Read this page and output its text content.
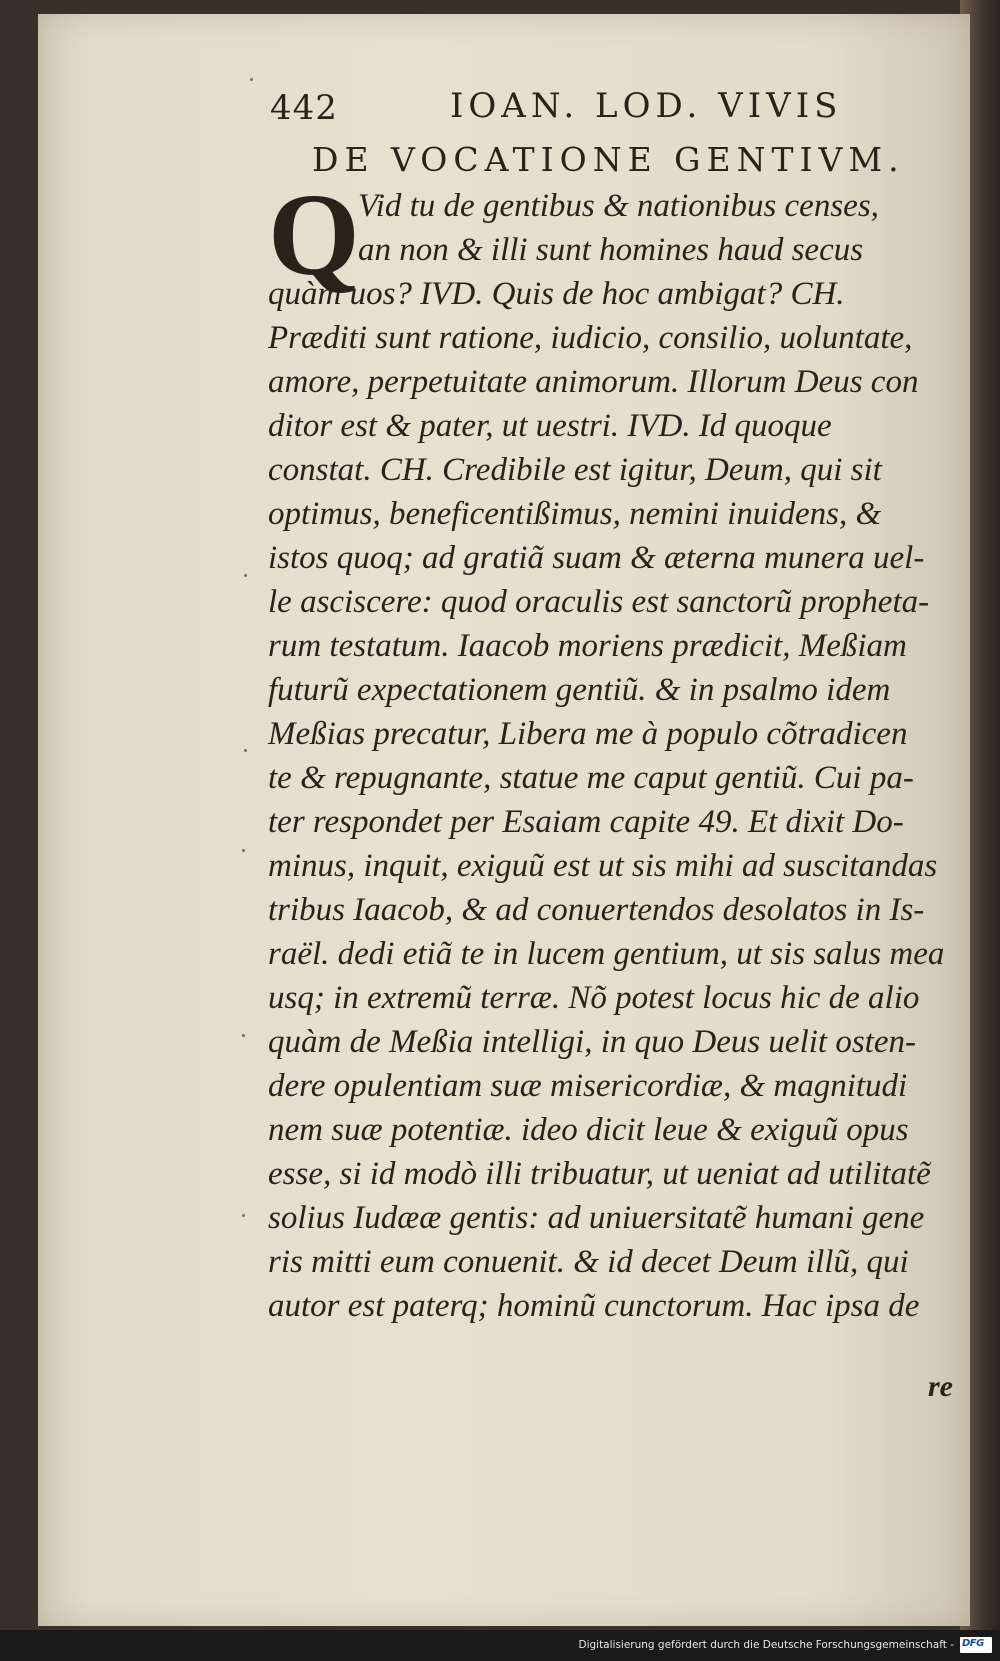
442	IOAN. LOD. VIVIS
DE VOCATIONE GENTIVM.
Q
Vid tu de gentibus & nationibus censes,
an non & illi sunt homines haud secus
quàm uos? IVD. Quis de hoc ambigat? CH.
Præditi sunt ratione, iudicio, consilio, uoluntate,
amore, perpetuitate animorum. Illorum Deus con
ditor est & pater, ut uestri. IVD. Id quoque
constat. CH. Credibile est igitur, Deum, qui sit
optimus, beneficentißimus, nemini inuidens, &
istos quoq; ad gratiã suam & æterna munera uel-
le asciscere: quod oraculis est sanctorũ propheta-
rum testatum. Iaacob moriens prædicit, Meßiam
futurũ expectationem gentiũ. & in psalmo idem
Meßias precatur, Libera me à populo cõtradicen
te & repugnante, statue me caput gentiũ. Cui pa-
ter respondet per Esaiam capite 49. Et dixit Do-
minus, inquit, exiguũ est ut sis mihi ad suscitandas
tribus Iaacob, & ad conuertendos desolatos in Is-
raël. dedi etiã te in lucem gentium, ut sis salus mea
usq; in extremũ terræ. Nõ potest locus hic de alio
quàm de Meßia intelligi, in quo Deus uelit osten-
dere opulentiam suæ misericordiæ, & magnitudi
nem suæ potentiæ. ideo dicit leue & exiguũ opus
esse, si id modò illi tribuatur, ut ueniat ad utilitatẽ
solius Iudææ gentis: ad uniuersitatẽ humani gene
ris mitti eum conuenit. & id decet Deum illũ, qui
autor est paterq; hominũ cunctorum. Hac ipsa de
re
Digitalisierung gefördert durch die Deutsche Forschungsgemeinschaft - DFG
